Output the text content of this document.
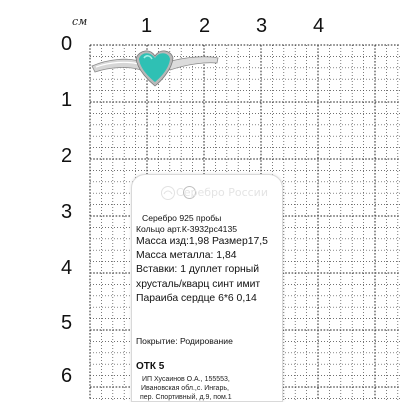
см	1 2 3 4
0
1
2
3
4
5
6
Серебро России
Серебро 925 пробы
Кольцо арт.К-3932рс4135
Масса изд:1,98 Размер17,5
Масса металла: 1,84
Вставки: 1 дуплет горный
хрусталь/кварц синт имит
Параиба сердце 6*6 0,14
Покрытие: Родирование
ОТК 5
ИП Хусаинов О.А., 155553,
Ивановская обл.,с. Ингарь,
пер. Спортивный, д.9, пом.1
